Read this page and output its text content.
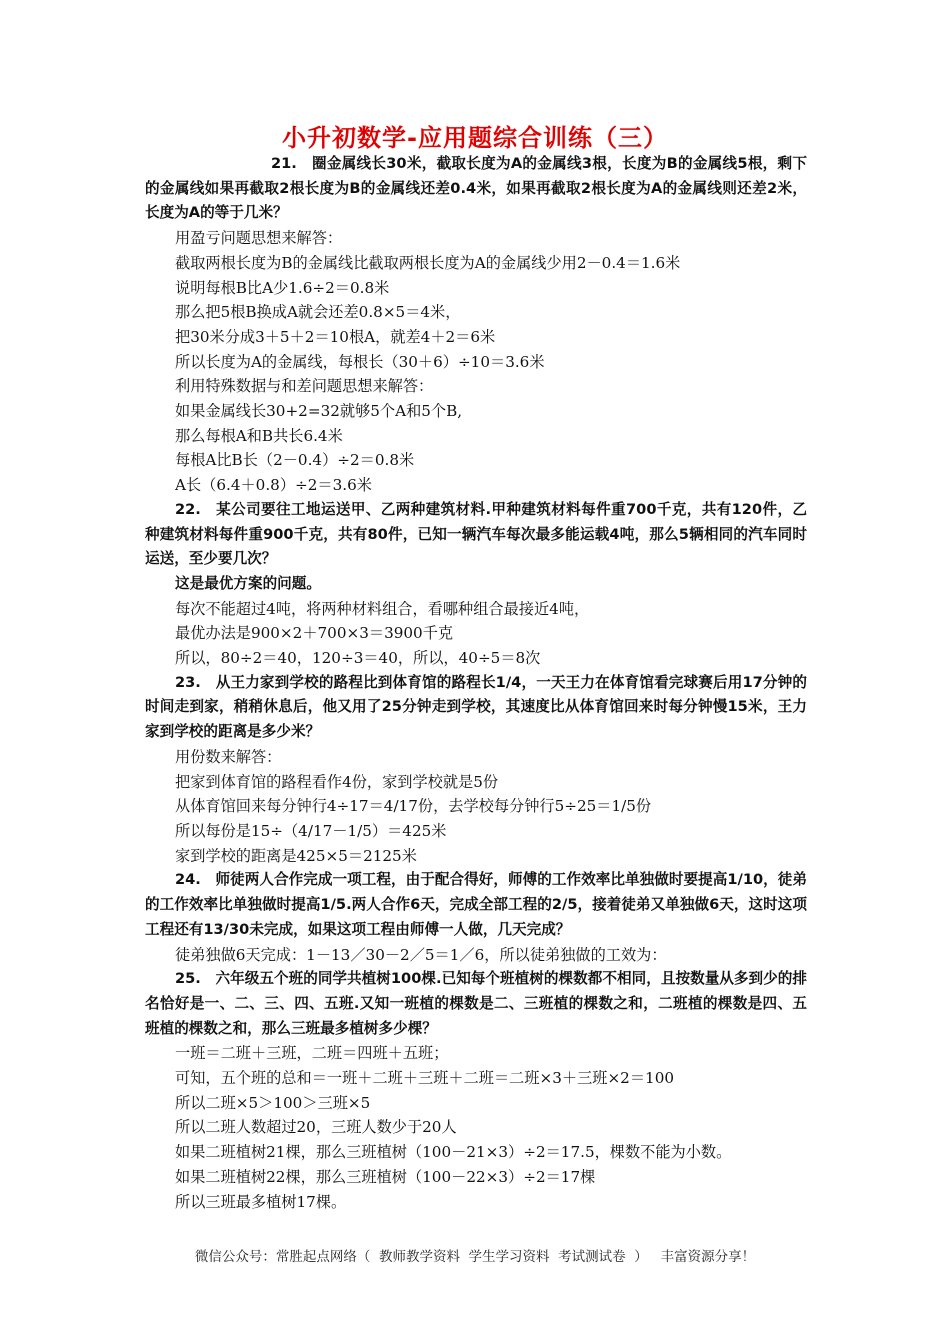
小升初数学-应用题综合训练（三）
21.　圈金属线长30米，截取长度为A的金属线3根，长度为B的金属线5根，剩下的金属线如果再截取2根长度为B的金属线还差0.4米，如果再截取2根长度为A的金属线则还差2米，长度为A的等于几米？
用盈亏问题思想来解答：
截取两根长度为B的金属线比截取两根长度为A的金属线少用2－0.4＝1.6米
说明每根B比A少1.6÷2＝0.8米
那么把5根B换成A就会还差0.8×5＝4米，
把30米分成3＋5＋2＝10根A，就差4＋2＝6米
所以长度为A的金属线，每根长（30＋6）÷10＝3.6米
利用特殊数据与和差问题思想来解答：
如果金属线长30+2=32就够5个A和5个B,
那么每根A和B共长6.4米
每根A比B长（2－0.4）÷2＝0.8米
A长（6.4＋0.8）÷2＝3.6米
22.　某公司要往工地运送甲、乙两种建筑材料.甲种建筑材料每件重700千克，共有120件，乙种建筑材料每件重900千克，共有80件，已知一辆汽车每次最多能运载4吨，那么5辆相同的汽车同时运送，至少要几次？
这是最优方案的问题。
每次不能超过4吨，将两种材料组合，看哪种组合最接近4吨，
最优办法是900×2＋700×3＝3900千克
所以，80÷2＝40，120÷3＝40，所以，40÷5＝8次
23.　从王力家到学校的路程比到体育馆的路程长1/4，一天王力在体育馆看完球赛后用17分钟的时间走到家，稍稍休息后，他又用了25分钟走到学校，其速度比从体育馆回来时每分钟慢15米，王力家到学校的距离是多少米？
用份数来解答：
把家到体育馆的路程看作4份，家到学校就是5份
从体育馆回来每分钟行4÷17＝4/17份，去学校每分钟行5÷25＝1/5份
所以每份是15÷（4/17－1/5）＝425米
家到学校的距离是425×5＝2125米
24.　师徒两人合作完成一项工程，由于配合得好，师傅的工作效率比单独做时要提高1/10，徒弟的工作效率比单独做时提高1/5.两人合作6天，完成全部工程的2/5，接着徒弟又单独做6天，这时这项工程还有13/30未完成，如果这项工程由师傅一人做，几天完成？
徒弟独做6天完成：1－13／30－2／5＝1／6，所以徒弟独做的工效为：
25.　六年级五个班的同学共植树100棵.已知每个班植树的棵数都不相同，且按数量从多到少的排名恰好是一、二、三、四、五班.又知一班植的棵数是二、三班植的棵数之和，二班植的棵数是四、五班植的棵数之和，那么三班最多植树多少棵？
一班＝二班＋三班，二班＝四班＋五班；
可知，五个班的总和＝一班＋二班＋三班＋二班＝二班×3＋三班×2＝100
所以二班×5＞100＞三班×5
所以二班人数超过20，三班人数少于20人
如果二班植树21棵，那么三班植树（100－21×3）÷2＝17.5，棵数不能为小数。
如果二班植树22棵，那么三班植树（100－22×3）÷2＝17棵
所以三班最多植树17棵。
微信公众号：常胜起点网络（  教师教学资料  学生学习资料  考试测试卷  ）   丰富资源分享！
